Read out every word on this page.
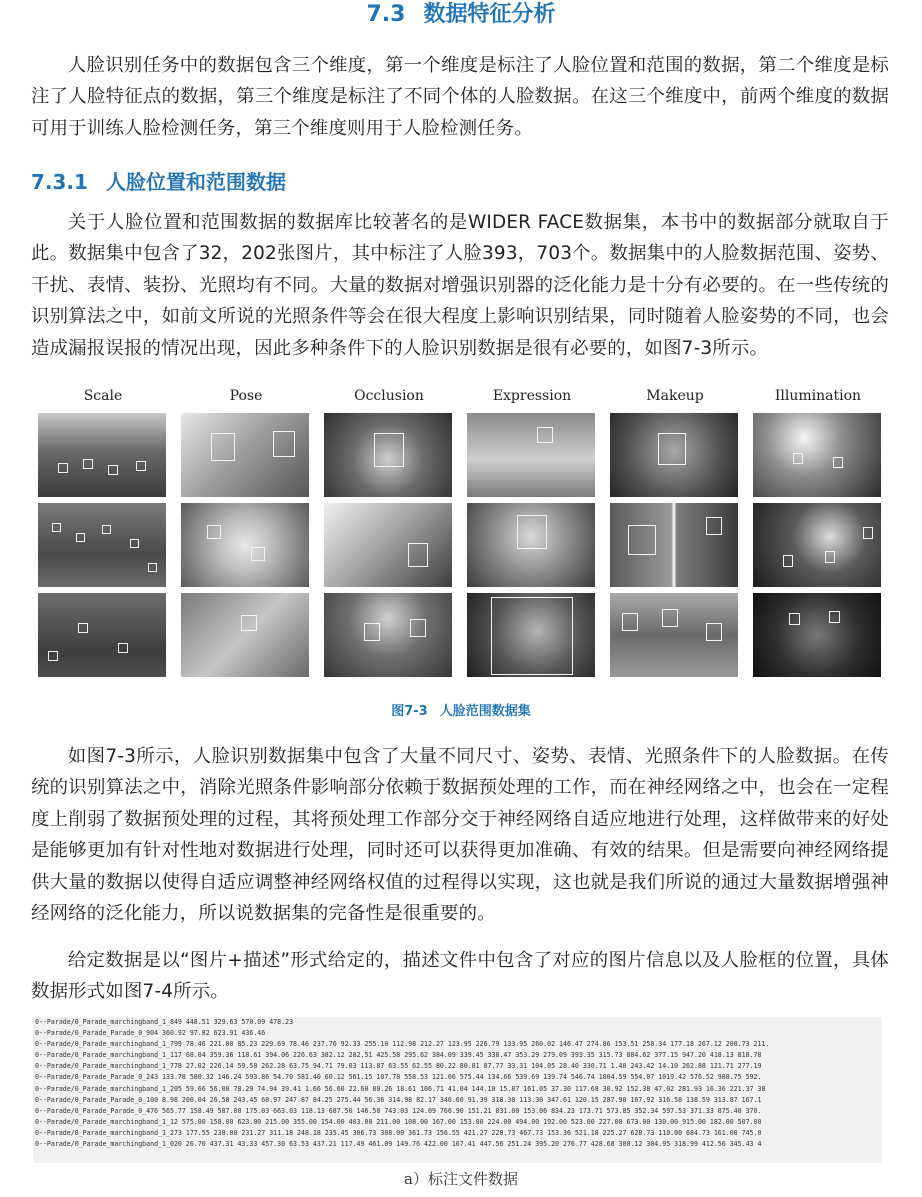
7.3 数据特征分析

人脸识别任务中的数据包含三个维度，第一个维度是标注了人脸位置和范围的数据，第二个维度是标注了人脸特征点的数据，第三个维度是标注了不同个体的人脸数据。在这三个维度中，前两个维度的数据可用于训练人脸检测任务，第三个维度则用于人脸检测任务。

7.3.1 人脸位置和范围数据

关于人脸位置和范围数据的数据库比较著名的是WIDER FACE数据集，本书中的数据部分就取自于此。数据集中包含了32，202张图片，其中标注了人脸393，703个。数据集中的人脸数据范围、姿势、干扰、表情、装扮、光照均有不同。大量的数据对增强识别器的泛化能力是十分有必要的。在一些传统的识别算法之中，如前文所说的光照条件等会在很大程度上影响识别结果，同时随着人脸姿势的不同，也会造成漏报误报的情况出现，因此多种条件下的人脸识别数据是很有必要的，如图7-3所示。

Scale	Pose	Occlusion	Expression	Makeup	Illumination
图7-3 人脸范围数据集

如图7-3所示，人脸识别数据集中包含了大量不同尺寸、姿势、表情、光照条件下的人脸数据。在传统的识别算法之中，消除光照条件影响部分依赖于数据预处理的工作，而在神经网络之中，也会在一定程度上削弱了数据预处理的过程，其将预处理工作部分交于神经网络自适应地进行处理，这样做带来的好处是能够更加有针对性地对数据进行处理，同时还可以获得更加准确、有效的结果。但是需要向神经网络提供大量的数据以使得自适应调整神经网络权值的过程得以实现，这也就是我们所说的通过大量数据增强神经网络的泛化能力，所以说数据集的完备性是很重要的。

给定数据是以“图片+描述”形式给定的，描述文件中包含了对应的图片信息以及人脸框的位置，具体数据形式如图7-4所示。

0--Parade/0_Parade_marchingband_1_849 448.51 329.63 570.09 478.23
0--Parade/0_Parade_Parade_0_904 360.92 97.82 623.91 436.46
0--Parade/0_Parade_marchingband_1_799 78.46 221.00 85.23 229.69 78.46 237.76 92.33 255.10 112.98 212.27 123.95 226.79 133.95 260.02 146.47 274.86 153.51 250.34 177.18 267.12 200.73 211.
0--Parade/0_Parade_marchingband_1_117 68.04 359.36 118.61 394.06 226.63 382.12 282.51 425.58 295.62 384.09 339.45 338.47 353.29 279.09 393.35 315.73 884.62 377.15 947.20 418.13 818.78
0--Parade/0_Parade_marchingband_1_778 27.02 226.14 59.58 262.28 63.75 94.71 79.03 113.87 63.55 62.55 80.22 80.81 87.77 33.31 104.05 28.40 330.71 1.40 243.42 14.10 262.88 121.71 277.19
0--Parade/0_Parade_Parade_0_243 133.78 580.32 146.24 593.86 54.70 581.40 60.12 561.15 107.78 558.53 121.06 575.44 134.66 539.69 139.74 546.74 1004.59 554.07 1019.42 576.52 988.75 592.
0--Parade/0_Parade_marchingband_1_205 59.66 56.00 78.29 74.94 39.41 1.66 56.60 22.60 80.26 18.61 106.71 41.04 144.10 15.87 161.05 37.30 117.68 30.92 152.38 47.02 281.93 16.36 221.37 38
0--Parade/0_Parade_Parade_0_100 8.98 200.04 26.58 243.45 60.97 247.87 84.25 275.44 56.36 314.98 82.17 346.60 91.39 318.30 113.30 347.61 120.15 287.90 167.92 316.58 138.59 313.87 167.1
0--Parade/0_Parade_Parade_0_476 565.77 158.49 587.00 175.03 663.03 118.13 687.50 146.58 743.03 124.09 766.90 151.21 831.00 153.06 834.23 173.71 573.85 352.34 597.53 371.33 875.40 370.
0--Parade/0_Parade_marchingband_1_12 575.00 158.00 623.00 215.00 355.00 154.00 403.00 211.00 108.00 167.00 153.00 224.00 494.00 192.00 523.00 227.00 673.00 130.00 915.00 182.00 507.00
0--Parade/0_Parade_marchingband_1_273 177.55 238.00 231.27 311.18 248.18 235.45 306.73 308.00 361.73 156.55 421.27 220.73 467.73 153.36 521.18 225.27 628.73 110.00 684.73 161.00 745.0
0--Parade/0_Parade_marchingband_1_020 26.70 437.31 43.33 457.30 63.53 437.21 117.49 461.09 149.76 422.00 167.41 447.56 251.24 395.20 276.77 428.68 300.12 304.95 318.99 412.56 345.43 4
a）标注文件数据
